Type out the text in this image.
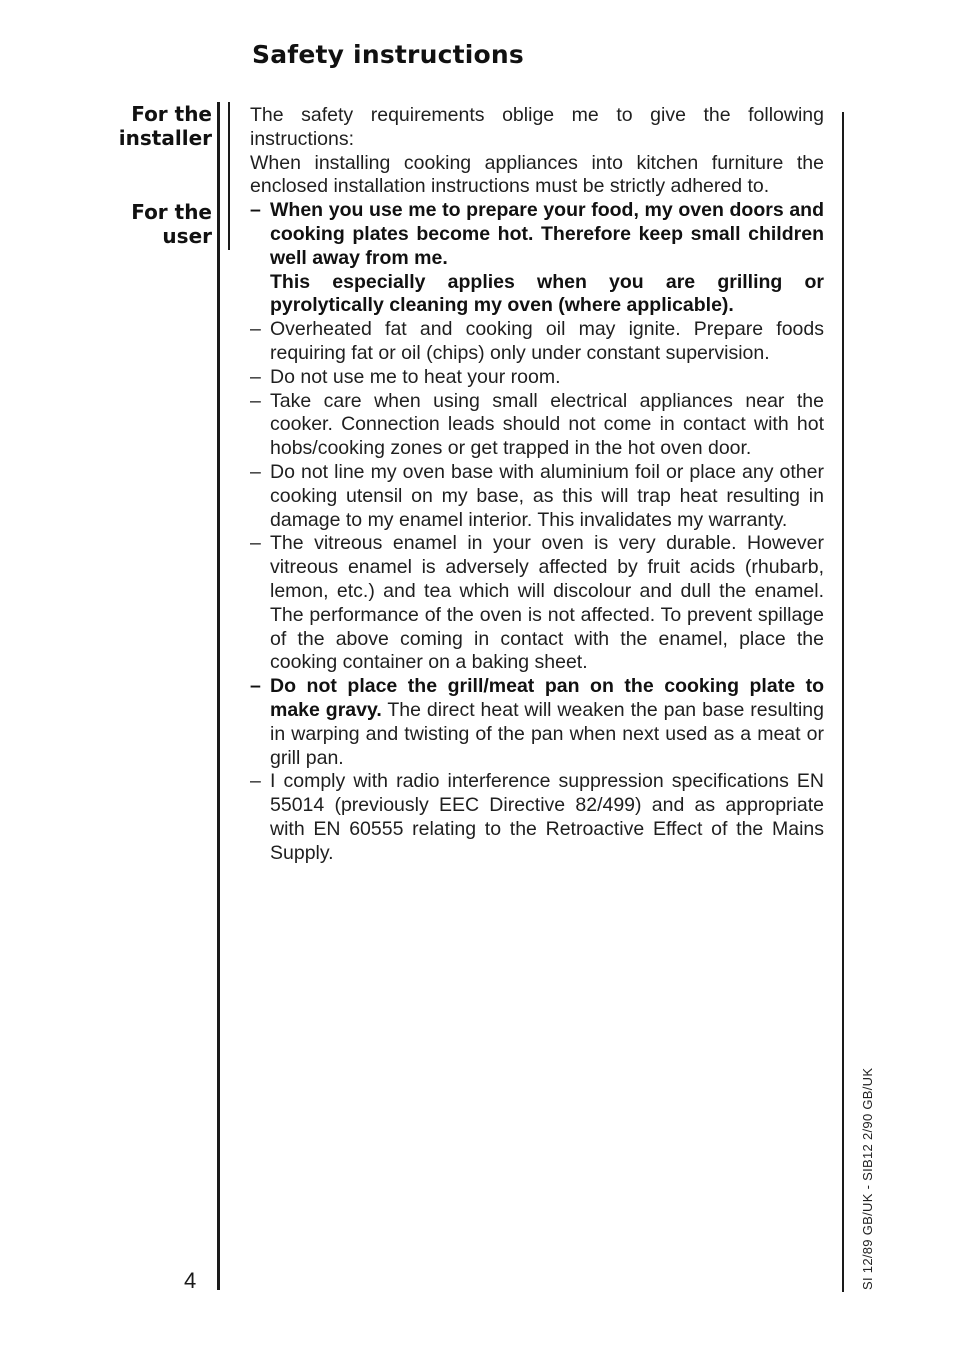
Safety instructions
For the
installer
For the
user

The safety requirements oblige me to give the following instructions:

When installing cooking appliances into kitchen furniture the enclosed installation instructions must be strictly adhered to.

– When you use me to prepare your food, my oven doors and cooking plates become hot. Therefore keep small children well away from me.
This especially applies when you are grilling or pyrolytically cleaning my oven (where applicable).
– Overheated fat and cooking oil may ignite. Prepare foods requiring fat or oil (chips) only under constant supervision.
– Do not use me to heat your room.
– Take care when using small electrical appliances near the cooker. Connection leads should not come in contact with hot hobs/cooking zones or get trapped in the hot oven door.
– Do not line my oven base with aluminium foil or place any other cooking utensil on my base, as this will trap heat resulting in damage to my enamel interior. This invalidates my warranty.
– The vitreous enamel in your oven is very durable. However vitreous enamel is adversely affected by fruit acids (rhubarb, lemon, etc.) and tea which will discolour and dull the enamel. The performance of the oven is not affected. To prevent spillage of the above coming in contact with the enamel, place the cooking container on a baking sheet.
– Do not place the grill/meat pan on the cooking plate to make gravy. The direct heat will weaken the pan base resulting in warping and twisting of the pan when next used as a meat or grill pan.
– I comply with radio interference suppression specifications EN 55014 (previously EEC Directive 82/499) and as appropriate with EN 60555 relating to the Retroactive Effect of the Mains Supply.
4	SI 12/89 GB/UK - SIB12 2/90 GB/UK
